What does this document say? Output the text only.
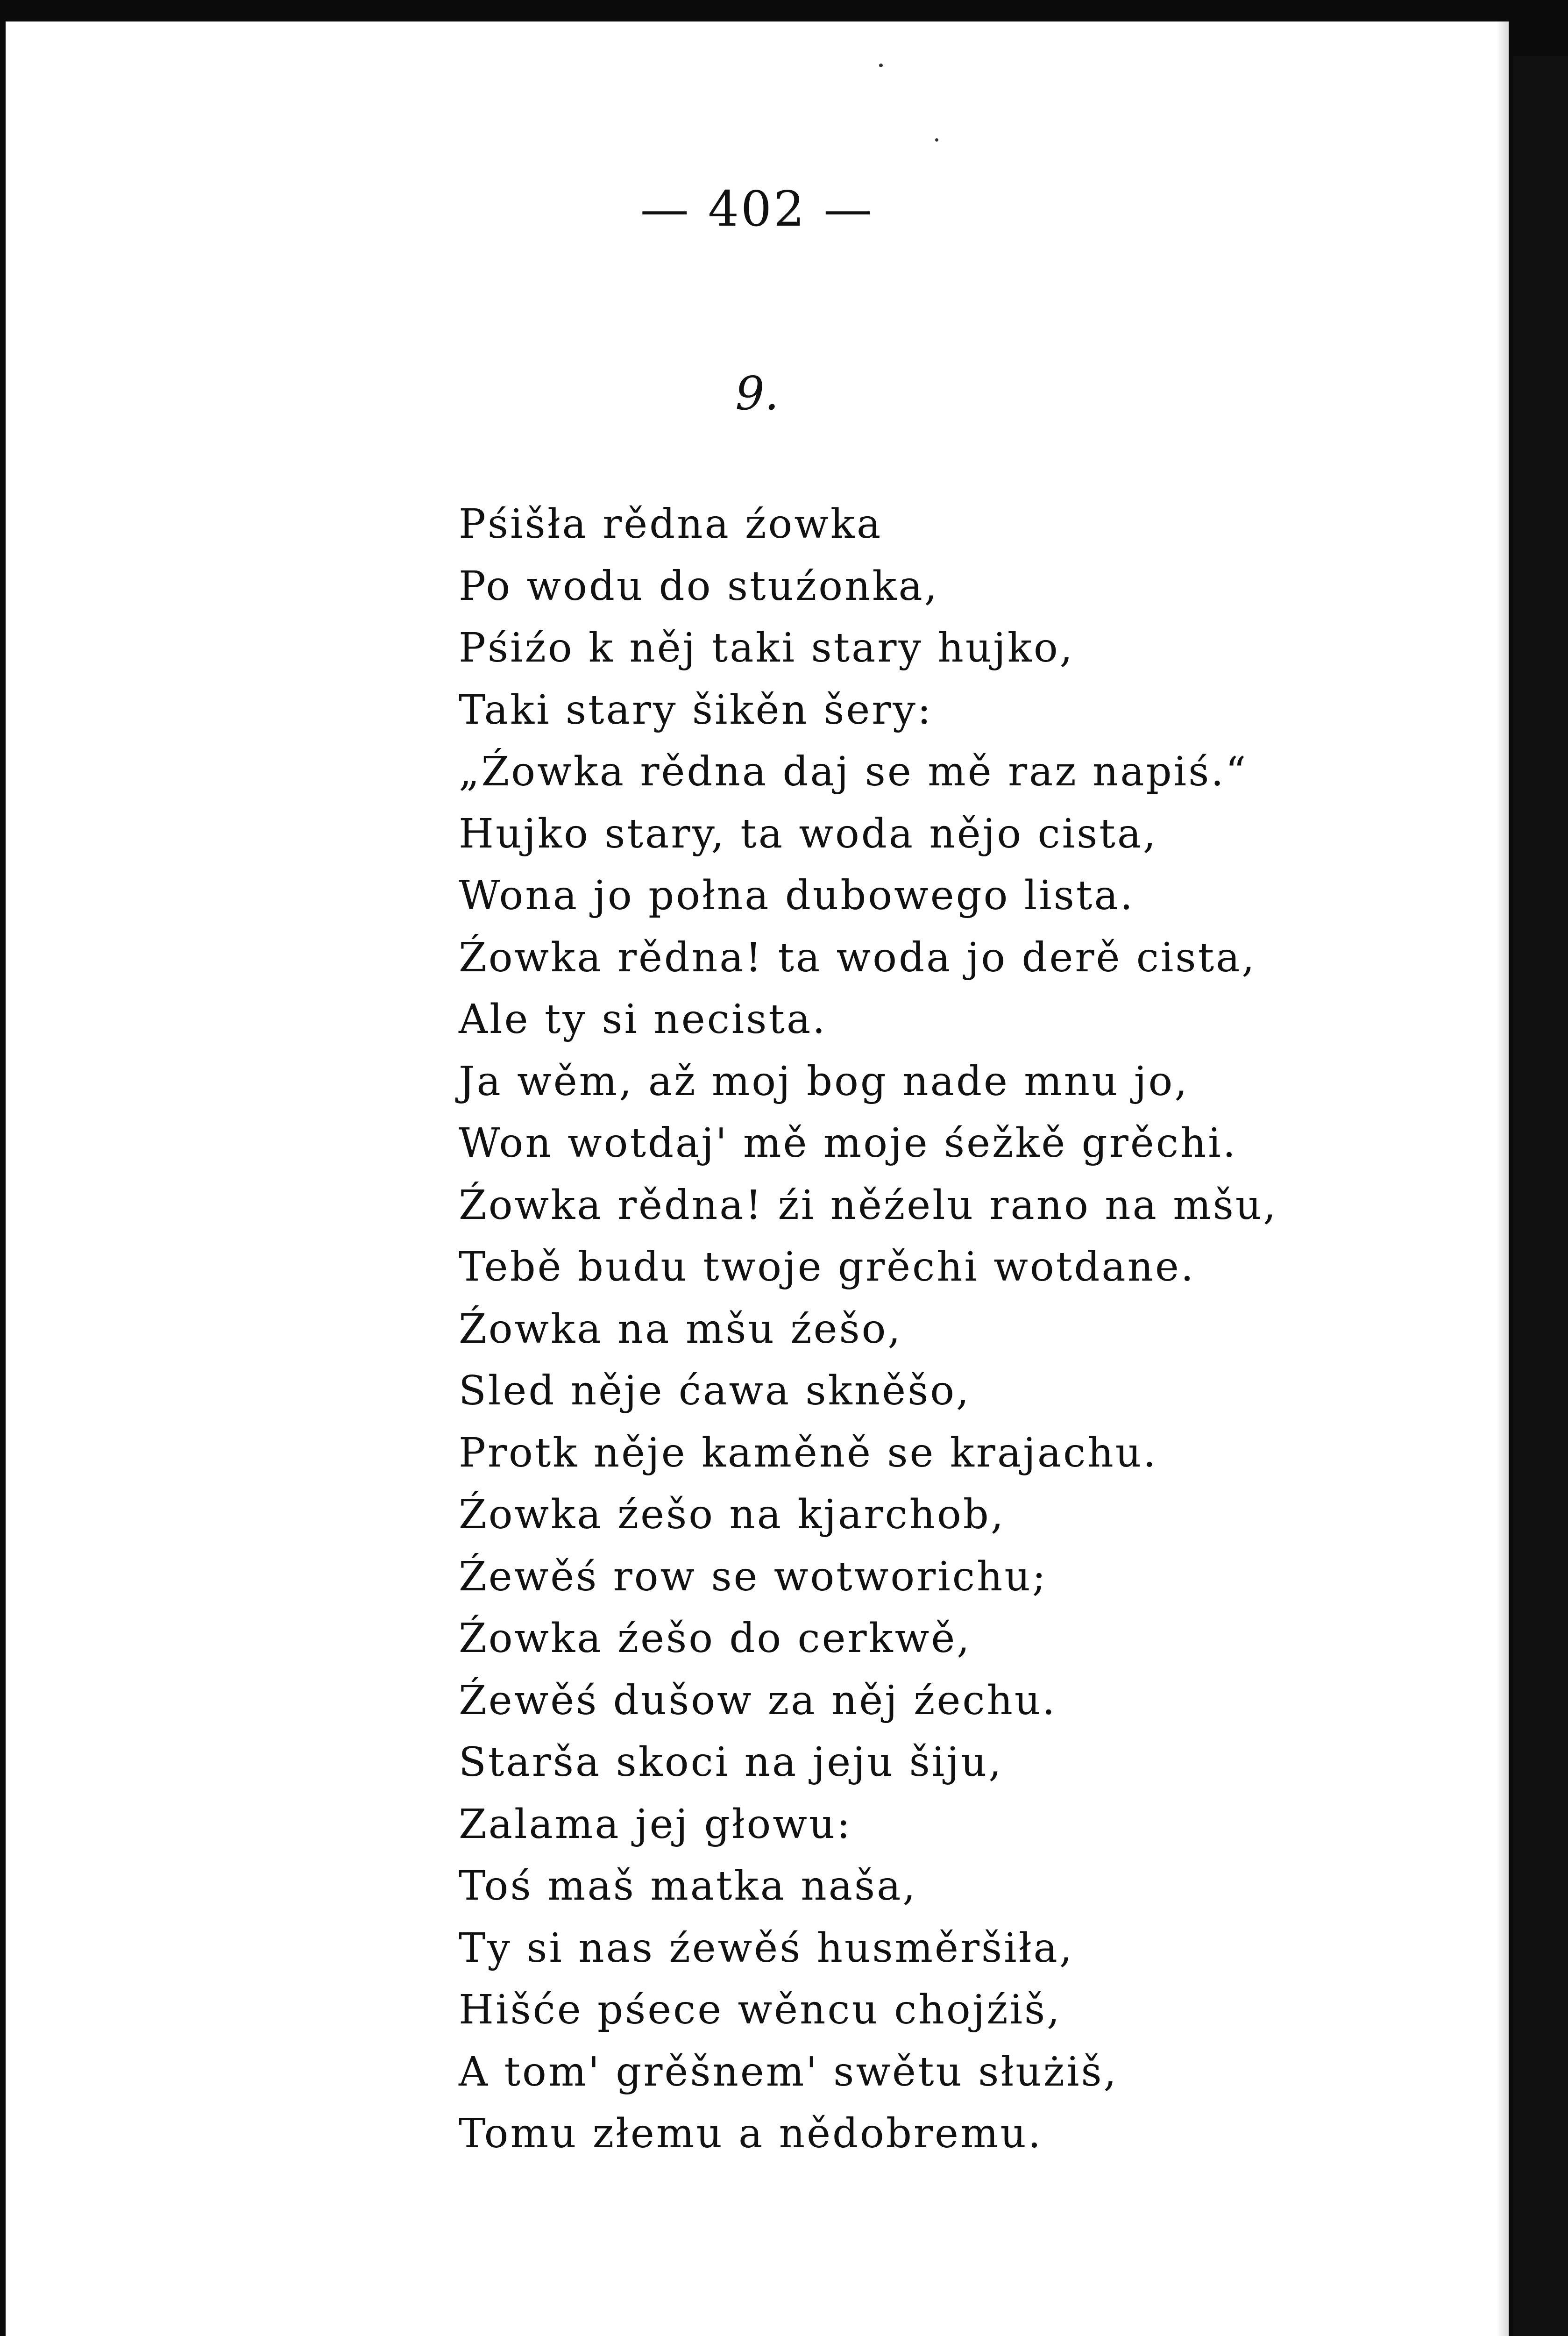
— 402 —
9.
Pśišła rědna źowka
Po wodu do stuźonka,
Pśiźo k něj taki stary hujko,
Taki stary šikěn šery:
„Źowka rědna daj se mě raz napiś.“
Hujko stary, ta woda nějo cista,
Wona jo połna dubowego lista.
Źowka rědna! ta woda jo derě cista,
Ale ty si necista.
Ja wěm, až moj bog nade mnu jo,
Won wotdaj' mě moje śežkě grěchi.
Źowka rědna! źi něźelu rano na mšu,
Tebě budu twoje grěchi wotdane.
Źowka na mšu źešo,
Sled něje ćawa skněšo,
Protk něje kaměně se krajachu.
Źowka źešo na kjarchob,
Źewěś row se wotworichu;
Źowka źešo do cerkwě,
Źewěś dušow za něj źechu.
Starša skoci na jeju šiju,
Zalama jej głowu:
Toś maš matka naša,
Ty si nas źewěś husměršiła,
Hišće pśece wěncu chojźiš,
A tom' grěšnem' swětu służiš,
Tomu złemu a nědobremu.
